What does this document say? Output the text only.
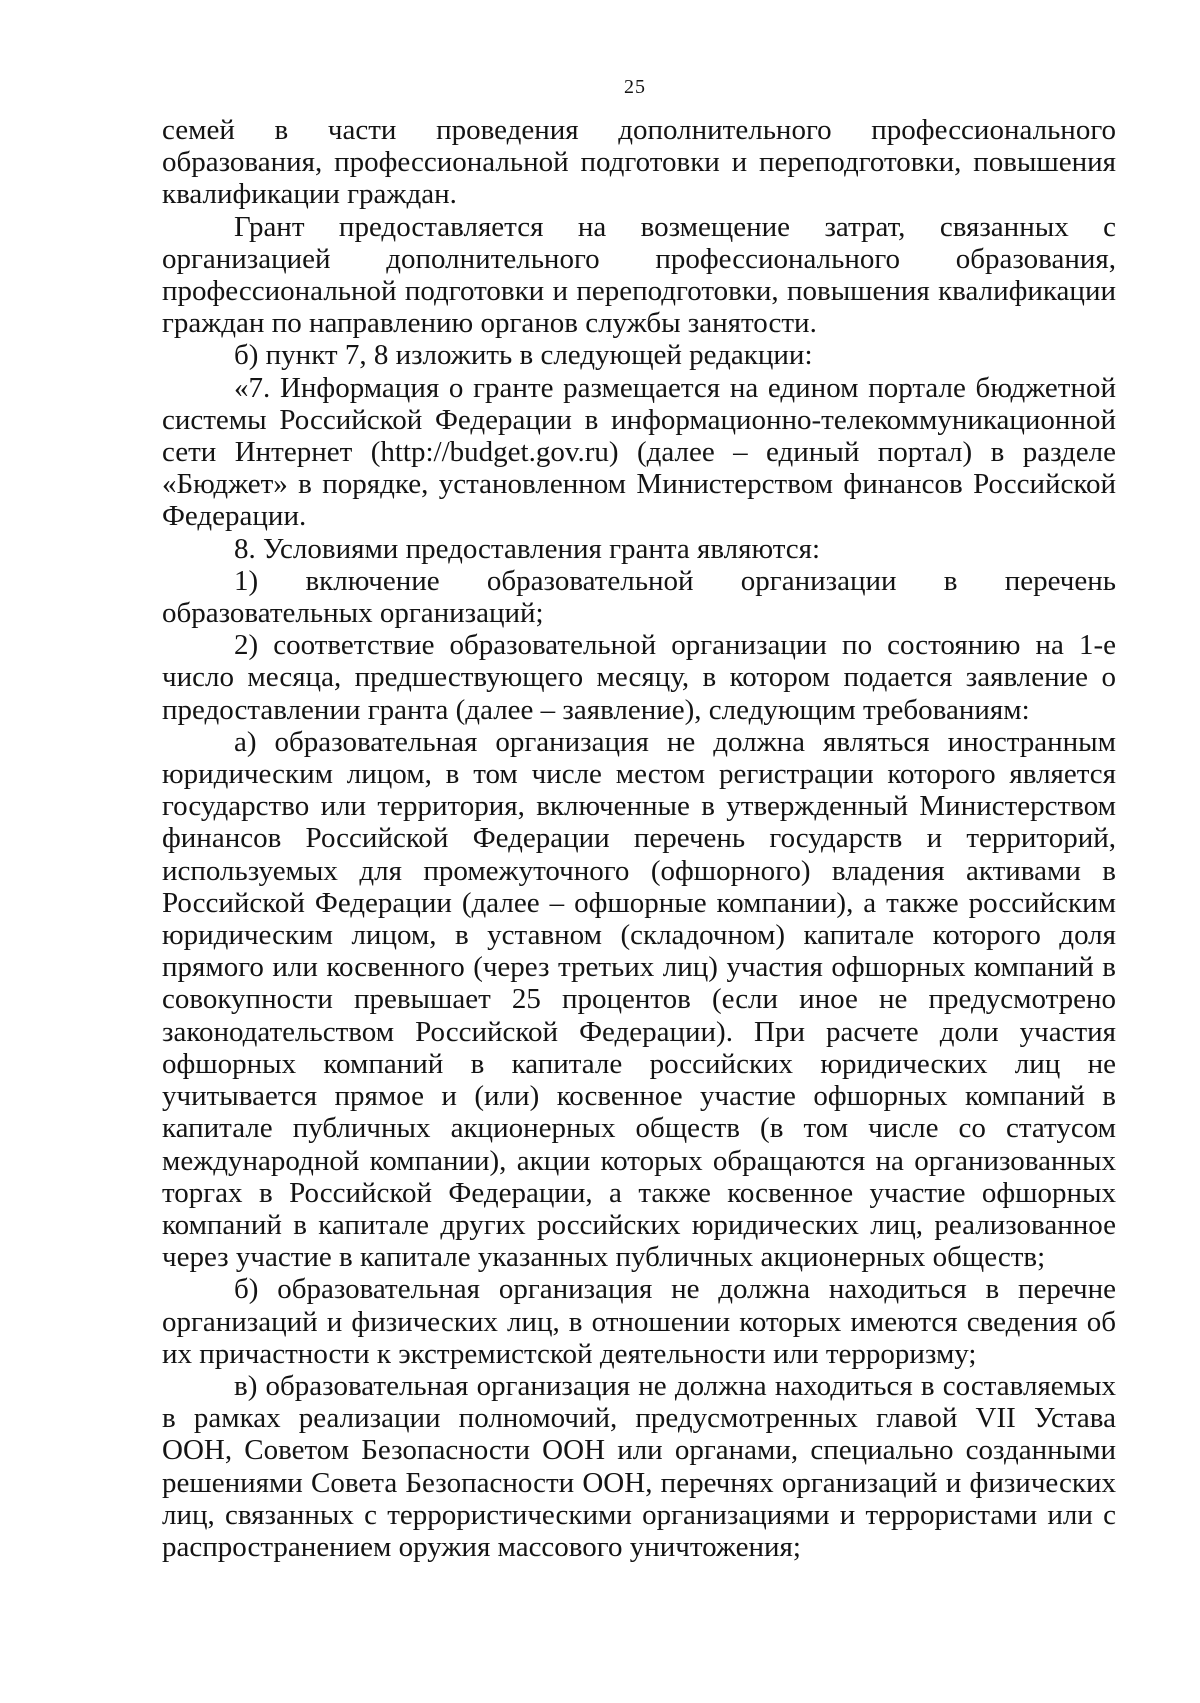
25

семей в части проведения дополнительного профессионального образования, профессиональной подготовки и переподготовки, повышения квалификации граждан.

Грант предоставляется на возмещение затрат, связанных с организацией дополнительного профессионального образования, профессиональной подготовки и переподготовки, повышения квалификации граждан по направлению органов службы занятости.

б) пункт 7, 8 изложить в следующей редакции:

«7. Информация о гранте размещается на едином портале бюджетной системы Российской Федерации в информационно-телекоммуникационной сети Интернет (http://budget.gov.ru) (далее – единый портал) в разделе «Бюджет» в порядке, установленном Министерством финансов Российской Федерации.

8. Условиями предоставления гранта являются:

1) включение образовательной организации в перечень образовательных организаций;

2) соответствие образовательной организации по состоянию на 1-е число месяца, предшествующего месяцу, в котором подается заявление о предоставлении гранта (далее – заявление), следующим требованиям:

а) образовательная организация не должна являться иностранным юридическим лицом, в том числе местом регистрации которого является государство или территория, включенные в утвержденный Министерством финансов Российской Федерации перечень государств и территорий, используемых для промежуточного (офшорного) владения активами в Российской Федерации (далее – офшорные компании), а также российским юридическим лицом, в уставном (складочном) капитале которого доля прямого или косвенного (через третьих лиц) участия офшорных компаний в совокупности превышает 25 процентов (если иное не предусмотрено законодательством Российской Федерации). При расчете доли участия офшорных компаний в капитале российских юридических лиц не учитывается прямое и (или) косвенное участие офшорных компаний в капитале публичных акционерных обществ (в том числе со статусом международной компании), акции которых обращаются на организованных торгах в Российской Федерации, а также косвенное участие офшорных компаний в капитале других российских юридических лиц, реализованное через участие в капитале указанных публичных акционерных обществ;

б) образовательная организация не должна находиться в перечне организаций и физических лиц, в отношении которых имеются сведения об их причастности к экстремистской деятельности или терроризму;

в) образовательная организация не должна находиться в составляемых в рамках реализации полномочий, предусмотренных главой VII Устава ООН, Советом Безопасности ООН или органами, специально созданными решениями Совета Безопасности ООН, перечнях организаций и физических лиц, связанных с террористическими организациями и террористами или с распространением оружия массового уничтожения;
